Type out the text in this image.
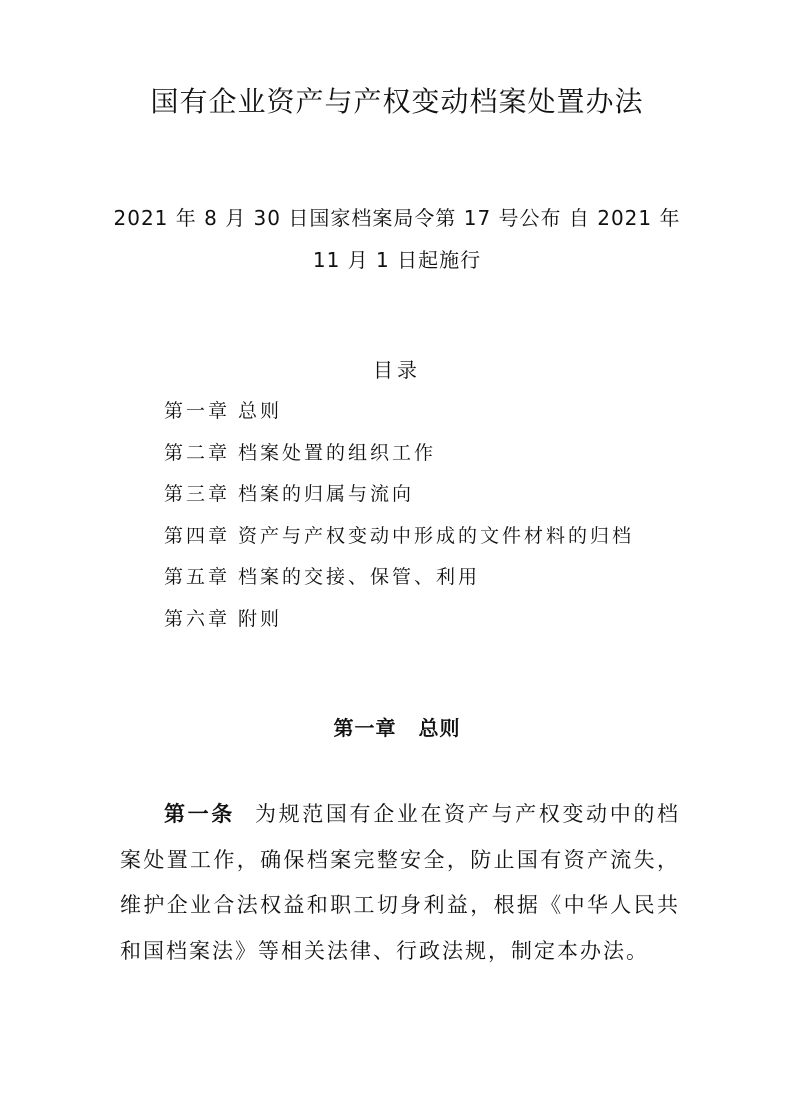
国有企业资产与产权变动档案处置办法
2021 年 8 月 30 日国家档案局令第 17 号公布 自 2021 年
11 月 1 日起施行
目录
第一章 总则
第二章 档案处置的组织工作
第三章 档案的归属与流向
第四章 资产与产权变动中形成的文件材料的归档
第五章 档案的交接、保管、利用
第六章 附则
第一章 总则
第一条 为规范国有企业在资产与产权变动中的档案处置工作，确保档案完整安全，防止国有资产流失，维护企业合法权益和职工切身利益，根据《中华人民共和国档案法》等相关法律、行政法规，制定本办法。
